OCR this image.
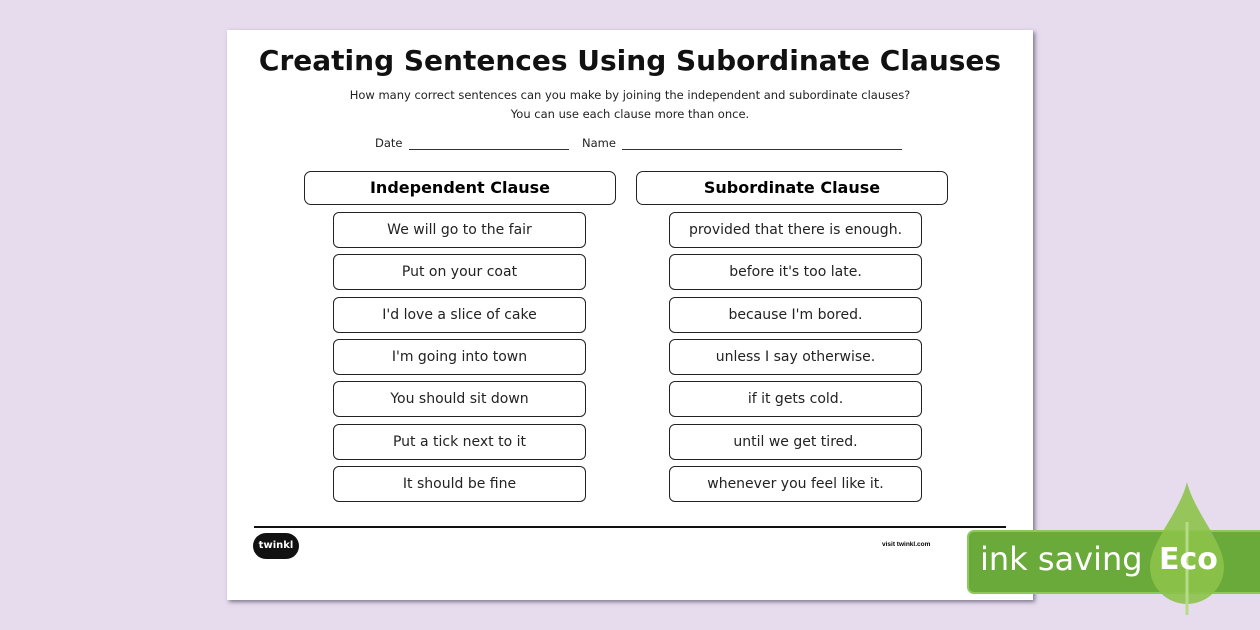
Creating Sentences Using Subordinate Clauses
How many correct sentences can you make by joining the independent and subordinate clauses?
You can use each clause more than once.
Date	Name
Independent Clause	Subordinate Clause
We will go to the fair
Put on your coat
I'd love a slice of cake
I'm going into town
You should sit down
Put a tick next to it
It should be fine
provided that there is enough.
before it's too late.
because I'm bored.
unless I say otherwise.
if it gets cold.
until we get tired.
whenever you feel like it.
twinkl	visit twinkl.com ink saving Eco
